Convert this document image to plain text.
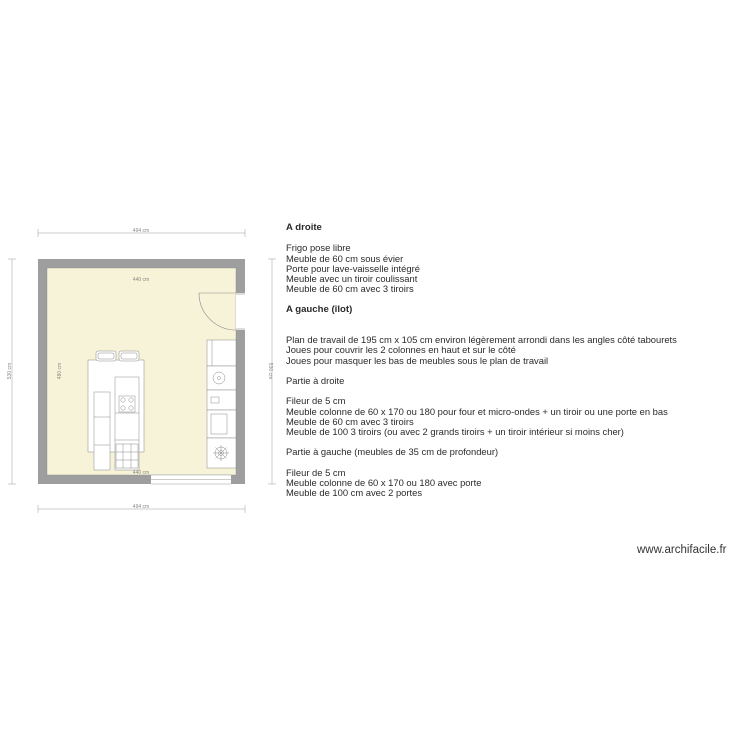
494 cm
440 cm
494 cm
440 cm
530 cm	480 cm	530 cm
A droite
Frigo pose libre
Meuble de 60 cm sous évier
Porte pour lave-vaisselle intégré
Meuble avec un tiroir coulissant
Meuble de 60 cm avec 3 tiroirs
A gauche (îlot)
Plan de travail de 195 cm x 105 cm environ légèrement arrondi dans les angles côté tabourets
Joues pour couvrir les 2 colonnes en haut et sur le côté
Joues pour masquer les bas de meubles sous le plan de travail
Partie à droite
Fileur de 5 cm
Meuble colonne de 60 x 170 ou 180 pour four et micro-ondes + un tiroir ou une porte en bas
Meuble de 60 cm avec 3 tiroirs
Meuble de 100 3 tiroirs (ou avec 2 grands tiroirs + un tiroir intérieur si moins cher)
Partie à gauche (meubles de 35 cm de profondeur)
Fileur de 5 cm
Meuble colonne de 60 x 170 ou 180 avec porte
Meuble de 100 cm avec 2 portes
www.archifacile.fr
